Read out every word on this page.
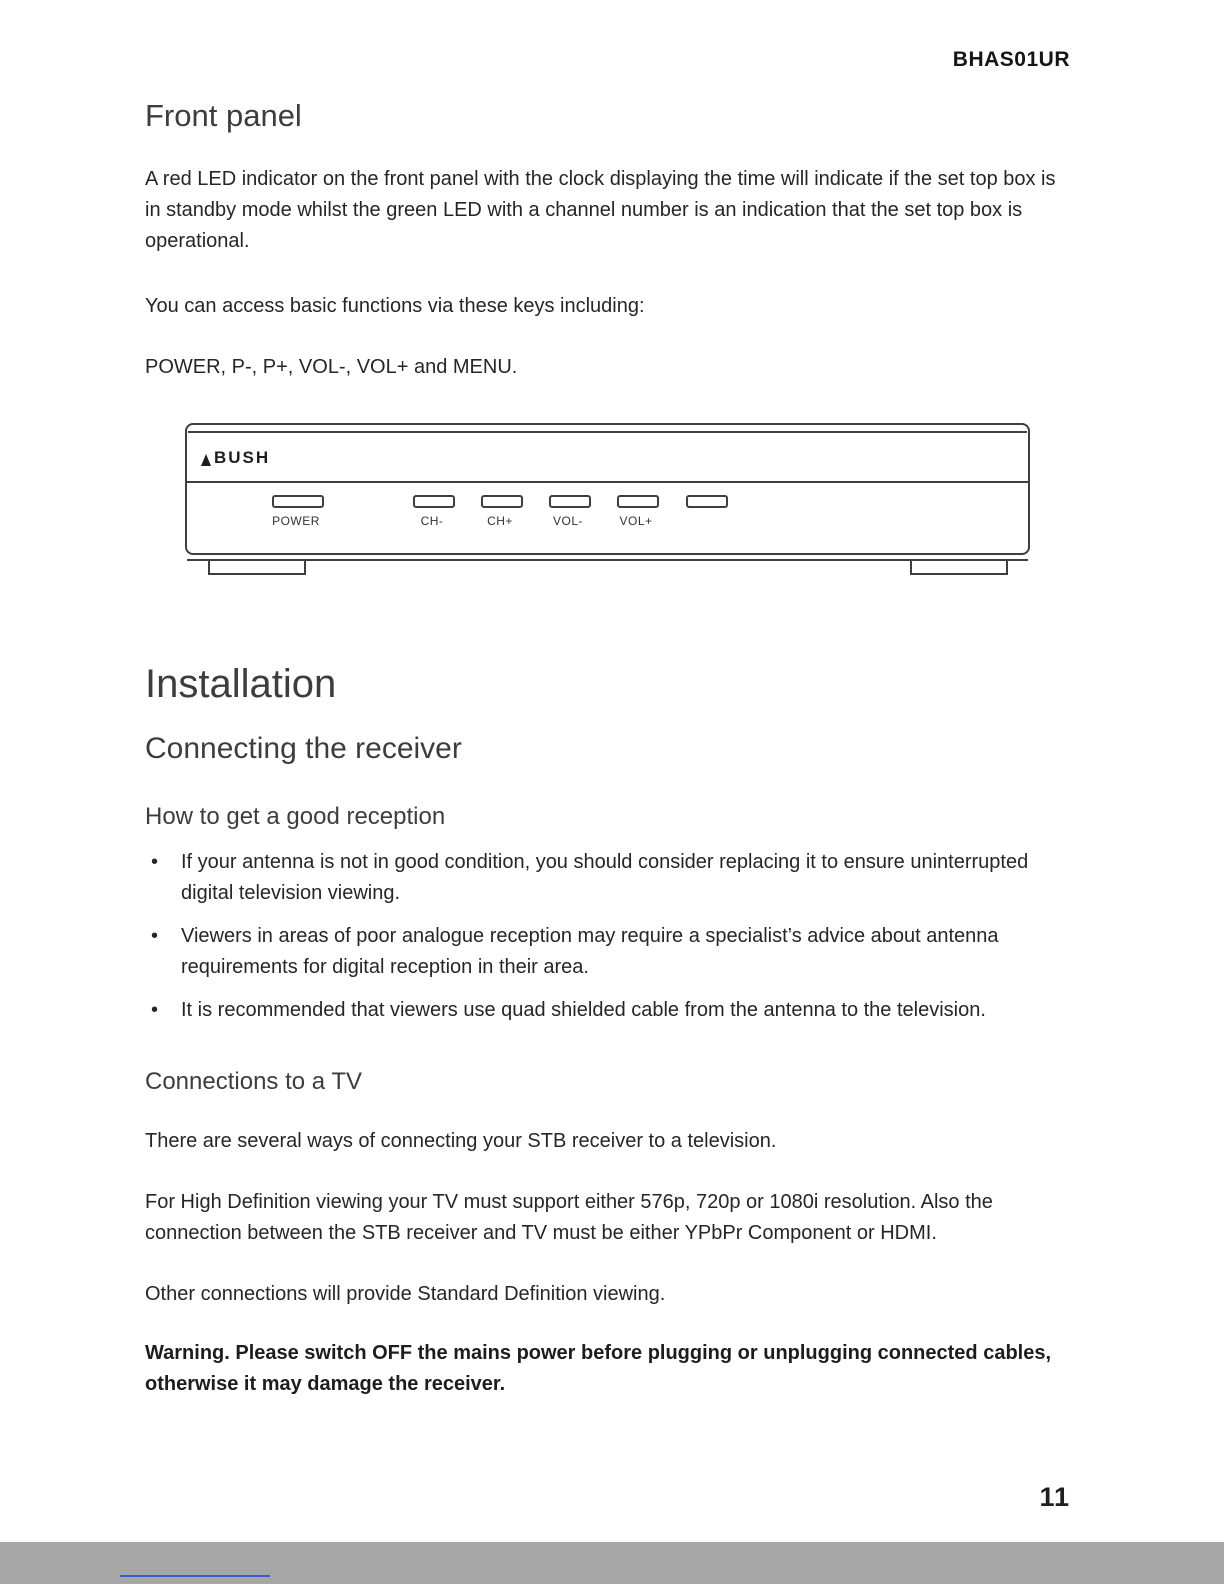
BHAS01UR
Front panel

A red LED indicator on the front panel with the clock displaying the time will indicate if the set top box is in standby mode whilst the green LED with a channel number is an indication that the set top box is operational.

You can access basic functions via these keys including:

POWER, P-, P+, VOL-, VOL+ and MENU.

BUSH
POWER	CH-	CH+	VOL-	VOL+
Installation
Connecting the receiver
How to get a good reception
• If your antenna is not in good condition, you should consider replacing it to ensure uninterrupted digital television viewing.
• Viewers in areas of poor analogue reception may require a specialist’s advice about antenna requirements for digital reception in their area.
• It is recommended that viewers use quad shielded cable from the antenna to the television.
Connections to a TV

There are several ways of connecting your STB receiver to a television.

For High Definition viewing your TV must support either 576p, 720p or 1080i resolution. Also the connection between the STB receiver and TV must be either YPbPr Component or HDMI.

Other connections will provide Standard Definition viewing.

Warning. Please switch OFF the mains power before plugging or unplugging connected cables, otherwise it may damage the receiver.

11
